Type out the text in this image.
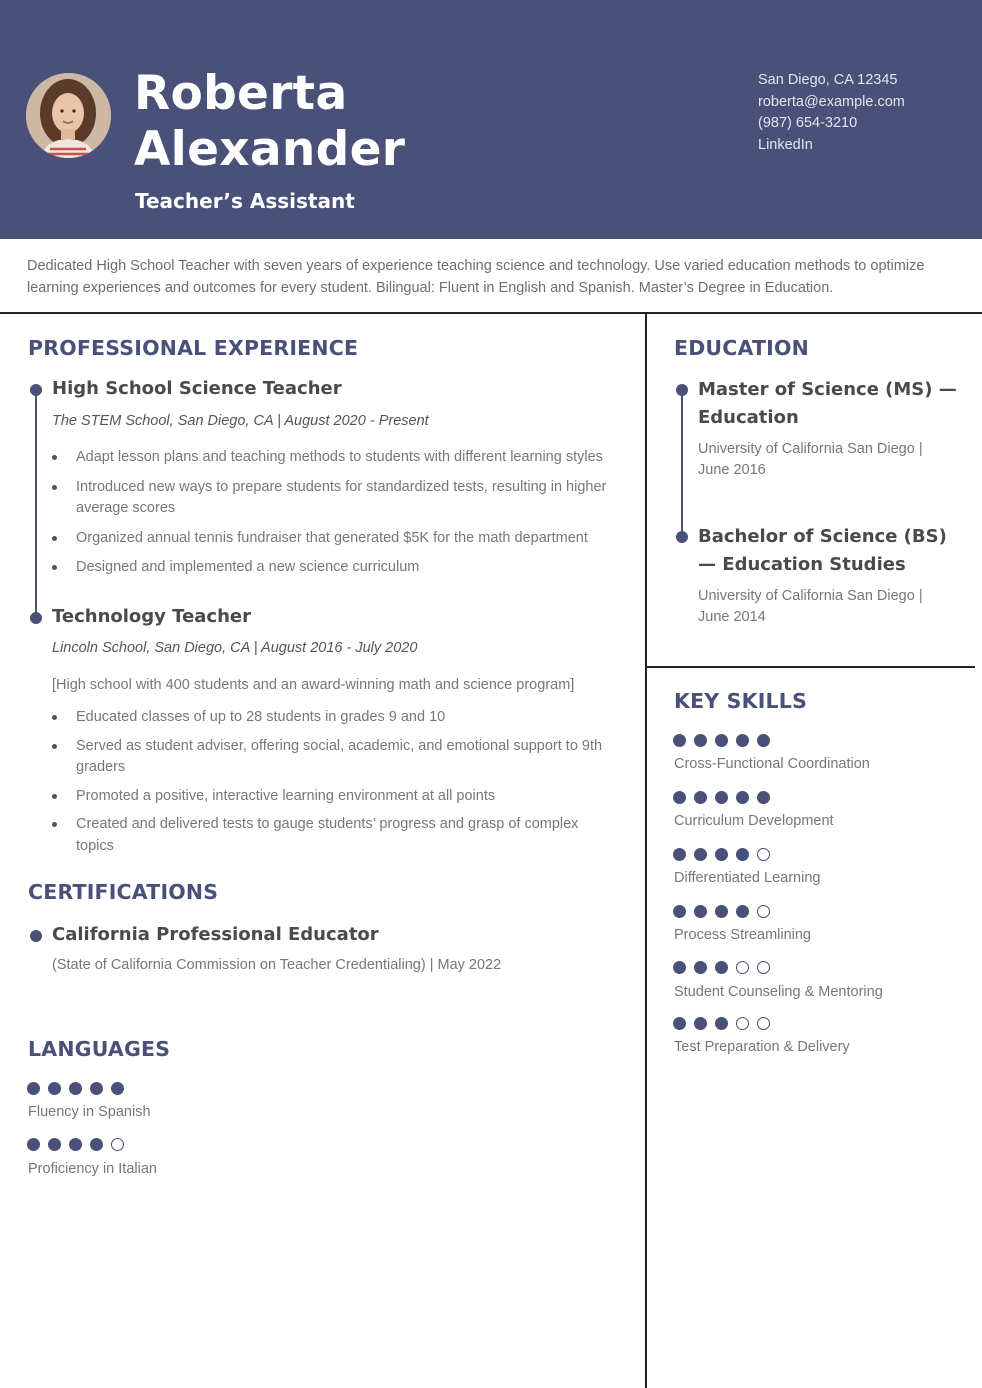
Roberta
Alexander
Teacher’s Assistant
San Diego, CA 12345
roberta@example.com
(987) 654-3210
LinkedIn
Dedicated High School Teacher with seven years of experience teaching science and technology. Use varied education methods to optimize learning experiences and outcomes for every student. Bilingual: Fluent in English and Spanish. Master’s Degree in Education.
PROFESSIONAL EXPERIENCE
High School Science Teacher
The STEM School, San Diego, CA | August 2020 - Present
Adapt lesson plans and teaching methods to students with different learning styles
Introduced new ways to prepare students for standardized tests, resulting in higher average scores
Organized annual tennis fundraiser that generated $5K for the math department
Designed and implemented a new science curriculum
Technology Teacher
Lincoln School, San Diego, CA | August 2016 - July 2020
[High school with 400 students and an award-winning math and science program]
Educated classes of up to 28 students in grades 9 and 10
Served as student adviser, offering social, academic, and emotional support to 9th graders
Promoted a positive, interactive learning environment at all points
Created and delivered tests to gauge students’ progress and grasp of complex topics
CERTIFICATIONS
California Professional Educator
(State of California Commission on Teacher Credentialing) | May 2022
LANGUAGES
Fluency in Spanish
Proficiency in Italian
EDUCATION
Master of Science (MS) — Education
University of California San Diego | June 2016
Bachelor of Science (BS) — Education Studies
University of California San Diego | June 2014
KEY SKILLS
Cross-Functional Coordination
Curriculum Development
Differentiated Learning
Process Streamlining
Student Counseling & Mentoring
Test Preparation & Delivery
